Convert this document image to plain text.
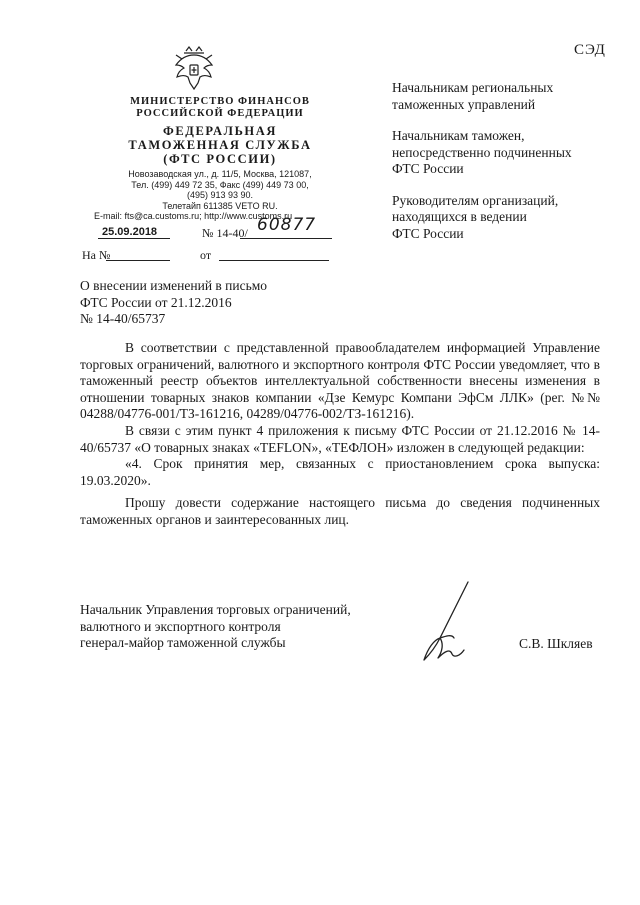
СЭД
МИНИСТЕРСТВО ФИНАНСОВ
РОССИЙСКОЙ ФЕДЕРАЦИИ
ФЕДЕРАЛЬНАЯ
ТАМОЖЕННАЯ СЛУЖБА
(ФТС РОССИИ)
Новозаводская ул., д. 11/5, Москва, 121087,
Тел. (499) 449 72 35, Факс (499) 449 73 00,
(495) 913 93 90.
Телетайп 611385 VETO RU.
E-mail: fts@ca.customs.ru; http://www.customs.ru
25.09.2018	№ 14-40/ 60877
На №	от
Начальникам региональных
таможенных управлений
Начальникам таможен,
непосредственно подчиненных
ФТС России
Руководителям организаций,
находящихся в ведении
ФТС России
О внесении изменений в письмо
ФТС России от 21.12.2016
№ 14-40/65737
В соответствии с представленной правообладателем информацией Управление торговых ограничений, валютного и экспортного контроля ФТС России уведомляет, что в таможенный реестр объектов интеллектуальной собственности внесены изменения в отношении товарных знаков компании «Дзе Кемурс Компани ЭфСм ЛЛК» (рег. №№ 04288/04776-001/ТЗ-161216, 04289/04776-002/ТЗ-161216).
В связи с этим пункт 4 приложения к письму ФТС России от 21.12.2016 № 14-40/65737 «О товарных знаках «TEFLON», «ТЕФЛОН» изложен в следующей редакции:
«4. Срок принятия мер, связанных с приостановлением срока выпуска: 19.03.2020».
Прошу довести содержание настоящего письма до сведения подчиненных таможенных органов и заинтересованных лиц.
Начальник Управления торговых ограничений,
валютного и экспортного контроля
генерал-майор таможенной службы	С.В. Шкляев
